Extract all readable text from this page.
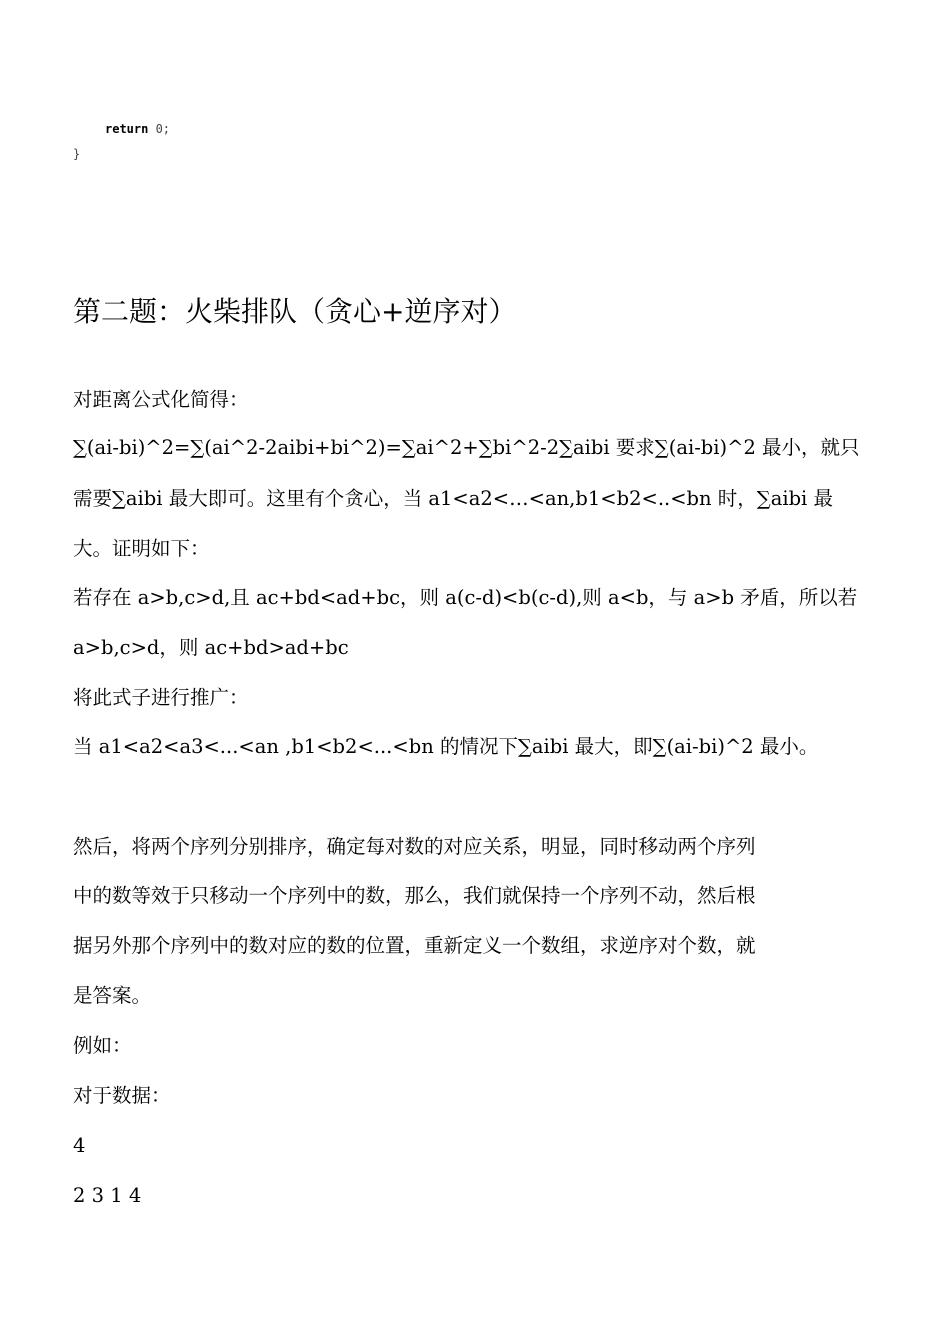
return 0;
}
第二题：火柴排队（贪心+逆序对）
对距离公式化简得：
∑(ai-bi)^2=∑(ai^2-2aibi+bi^2)=∑ai^2+∑bi^2-2∑aibi 要求∑(ai-bi)^2 最小，就只
需要∑aibi 最大即可。这里有个贪心，当 a1<a2<…<an,b1<b2<..<bn 时，∑aibi 最
大。证明如下：
若存在 a>b,c>d,且 ac+bd<ad+bc，则 a(c-d)<b(c-d),则 a<b，与 a>b 矛盾，所以若
a>b,c>d，则 ac+bd>ad+bc
将此式子进行推广：
当 a1<a2<a3<...<an ,b1<b2<...<bn 的情况下∑aibi 最大，即∑(ai-bi)^2 最小。
然后，将两个序列分别排序，确定每对数的对应关系，明显，同时移动两个序列
中的数等效于只移动一个序列中的数，那么，我们就保持一个序列不动，然后根
据另外那个序列中的数对应的数的位置，重新定义一个数组，求逆序对个数，就
是答案。
例如：
对于数据：
4
2 3 1 4
